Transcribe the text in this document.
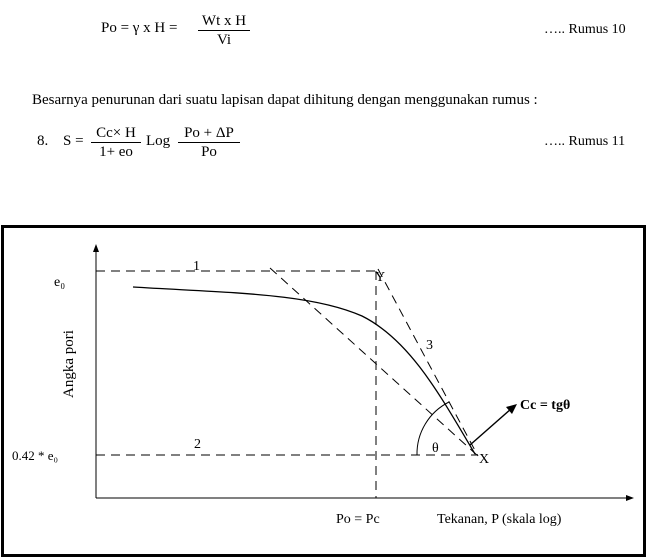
Po = γ x H = Wt x H
Vi
….. Rumus 10
Besarnya penurunan dari suatu lapisan dapat dihitung dengan menggunakan rumus :
8. S = Cc× H
1+ eo
Log Po + ΔP
Po
….. Rumus 11
Angka pori
e₀
0.42 * e₀
Po = Pc	Tekanan, P (skala log)
1
2
3
Y
X
θ
Cc = tgθ
